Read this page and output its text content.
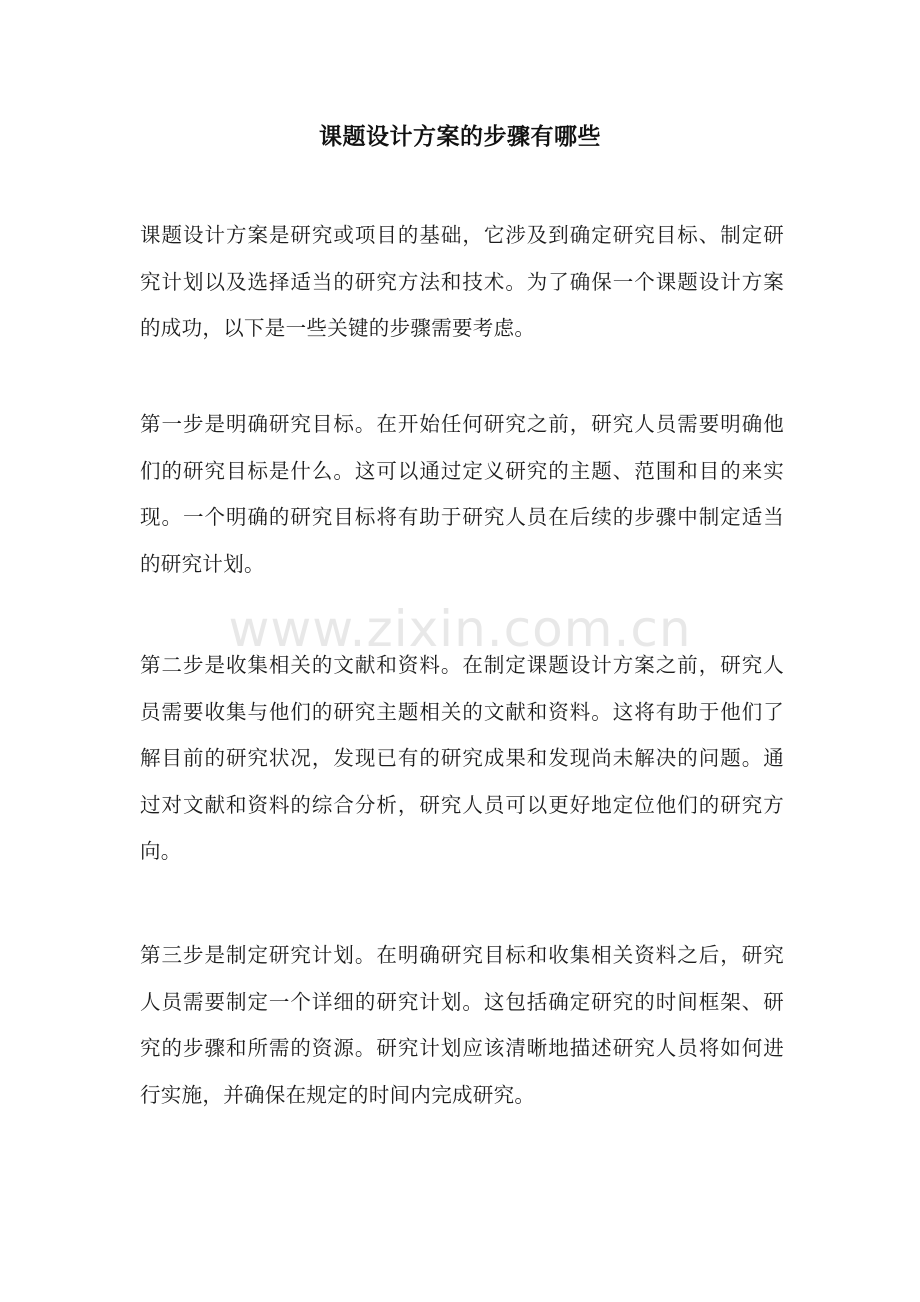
课题设计方案的步骤有哪些

课题设计方案是研究或项目的基础，它涉及到确定研究目标、制定研究计划以及选择适当的研究方法和技术。为了确保一个课题设计方案的成功，以下是一些关键的步骤需要考虑。

第一步是明确研究目标。在开始任何研究之前，研究人员需要明确他们的研究目标是什么。这可以通过定义研究的主题、范围和目的来实现。一个明确的研究目标将有助于研究人员在后续的步骤中制定适当的研究计划。

第二步是收集相关的文献和资料。在制定课题设计方案之前，研究人员需要收集与他们的研究主题相关的文献和资料。这将有助于他们了解目前的研究状况，发现已有的研究成果和发现尚未解决的问题。通过对文献和资料的综合分析，研究人员可以更好地定位他们的研究方向。

第三步是制定研究计划。在明确研究目标和收集相关资料之后，研究人员需要制定一个详细的研究计划。这包括确定研究的时间框架、研究的步骤和所需的资源。研究计划应该清晰地描述研究人员将如何进行实施，并确保在规定的时间内完成研究。

www.zixin.com.cn
